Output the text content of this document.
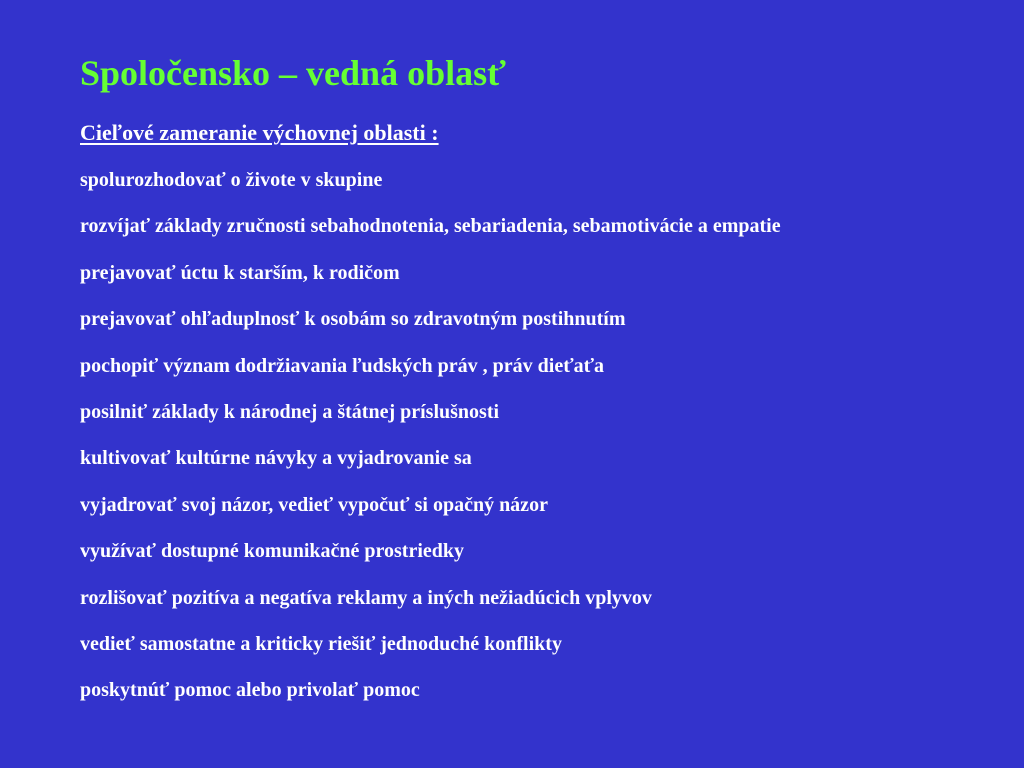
Spoločensko – vedná oblasť
Cieľové zameranie výchovnej oblasti :
spolurozhodovať o živote v skupine
rozvíjať základy zručnosti sebahodnotenia, sebariadenia, sebamotivácie a empatie
prejavovať úctu k starším, k rodičom
prejavovať ohľaduplnosť k osobám so zdravotným postihnutím
pochopiť význam dodržiavania ľudských práv , práv dieťaťa
posilniť základy k národnej a štátnej príslušnosti
kultivovať kultúrne návyky a vyjadrovanie sa
vyjadrovať svoj názor, vedieť vypočuť si opačný názor
využívať dostupné komunikačné prostriedky
rozlišovať pozitíva a negatíva reklamy a iných nežiadúcich vplyvov
vedieť samostatne a kriticky riešiť jednoduché konflikty
poskytnúť pomoc alebo privolať pomoc
